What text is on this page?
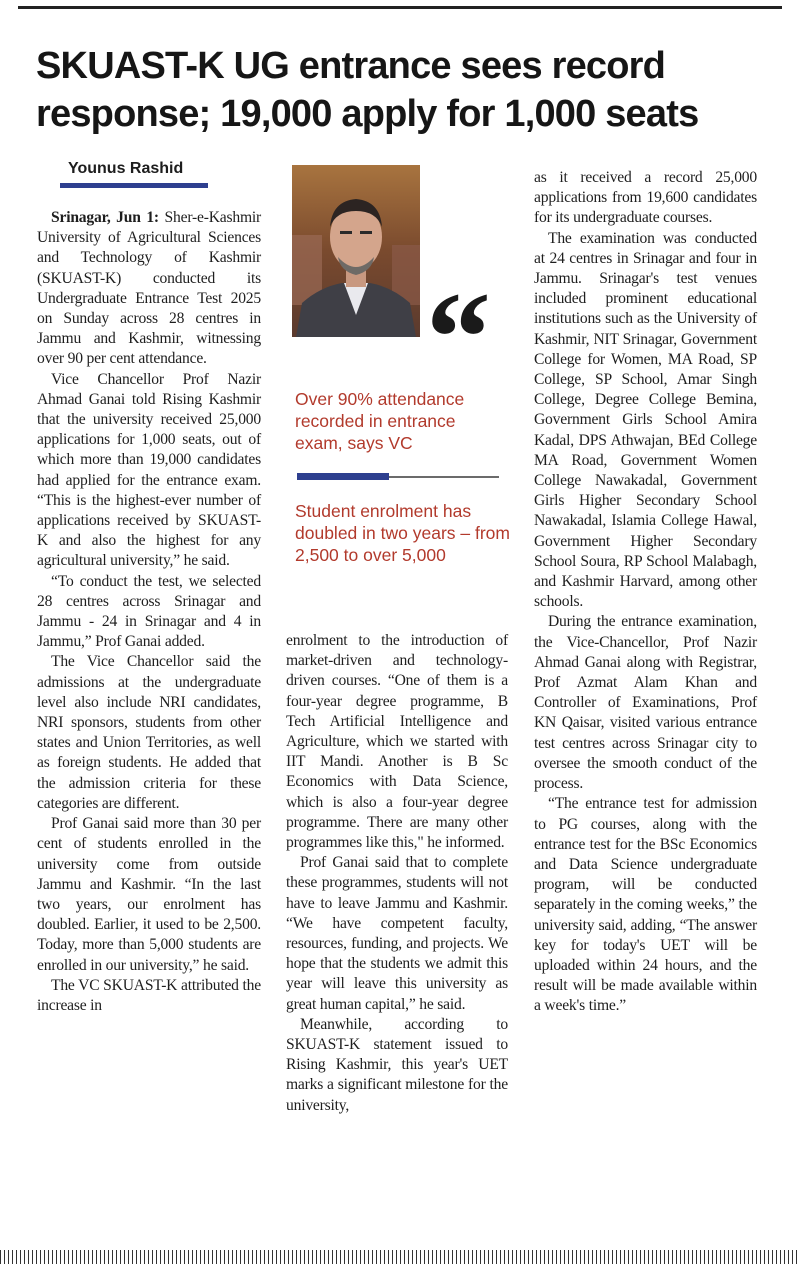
SKUAST-K UG entrance sees record response; 19,000 apply for 1,000 seats
Younus Rashid

Srinagar, Jun 1: Sher-e-Kashmir University of Agricultural Sciences and Technology of Kashmir (SKUAST-K) conducted its Undergraduate Entrance Test 2025 on Sunday across 28 centres in Jammu and Kashmir, witnessing over 90 per cent attendance.

Vice Chancellor Prof Nazir Ahmad Ganai told Rising Kashmir that the university received 25,000 applications for 1,000 seats, out of which more than 19,000 candidates had applied for the entrance exam. “This is the highest-ever number of applications received by SKUAST-K and also the highest for any agricultural university,” he said.

“To conduct the test, we selected 28 centres across Srinagar and Jammu - 24 in Srinagar and 4 in Jammu,” Prof Ganai added.

The Vice Chancellor said the admissions at the undergraduate level also include NRI candidates, NRI sponsors, students from other states and Union Territories, as well as foreign students. He added that the admission criteria for these categories are different.

Prof Ganai said more than 30 per cent of students enrolled in the university come from outside Jammu and Kashmir. “In the last two years, our enrolment has doubled. Earlier, it used to be 2,500. Today, more than 5,000 students are enrolled in our university,” he said.

The VC SKUAST-K attributed the increase in

“
Over 90% attendance recorded in entrance exam, says VC
Student enrolment has doubled in two years – from 2,500 to over 5,000

enrolment to the introduction of market-driven and technology-driven courses. “One of them is a four-year degree programme, B Tech Artificial Intelligence and Agriculture, which we started with IIT Mandi. Another is B Sc Economics with Data Science, which is also a four-year degree programme. There are many other programmes like this," he informed.

Prof Ganai said that to complete these programmes, students will not have to leave Jammu and Kashmir. “We have competent faculty, resources, funding, and projects. We hope that the students we admit this year will leave this university as great human capital,” he said.

Meanwhile, according to SKUAST-K statement issued to Rising Kashmir, this year's UET marks a significant milestone for the university,

as it received a record 25,000 applications from 19,600 candidates for its undergraduate courses.

The examination was conducted at 24 centres in Srinagar and four in Jammu. Srinagar's test venues included prominent educational institutions such as the University of Kashmir, NIT Srinagar, Government College for Women, MA Road, SP College, SP School, Amar Singh College, Degree College Bemina, Government Girls School Amira Kadal, DPS Athwajan, BEd College MA Road, Government Women College Nawakadal, Government Girls Higher Secondary School Nawakadal, Islamia College Hawal, Government Higher Secondary School Soura, RP School Malabagh, and Kashmir Harvard, among other schools.

During the entrance examination, the Vice-Chancellor, Prof Nazir Ahmad Ganai along with Registrar, Prof Azmat Alam Khan and Controller of Examinations, Prof KN Qaisar, visited various entrance test centres across Srinagar city to oversee the smooth conduct of the process.

“The entrance test for admission to PG courses, along with the entrance test for the BSc Economics and Data Science undergraduate program, will be conducted separately in the coming weeks,” the university said, adding, “The answer key for today's UET will be uploaded within 24 hours, and the result will be made available within a week's time.”
